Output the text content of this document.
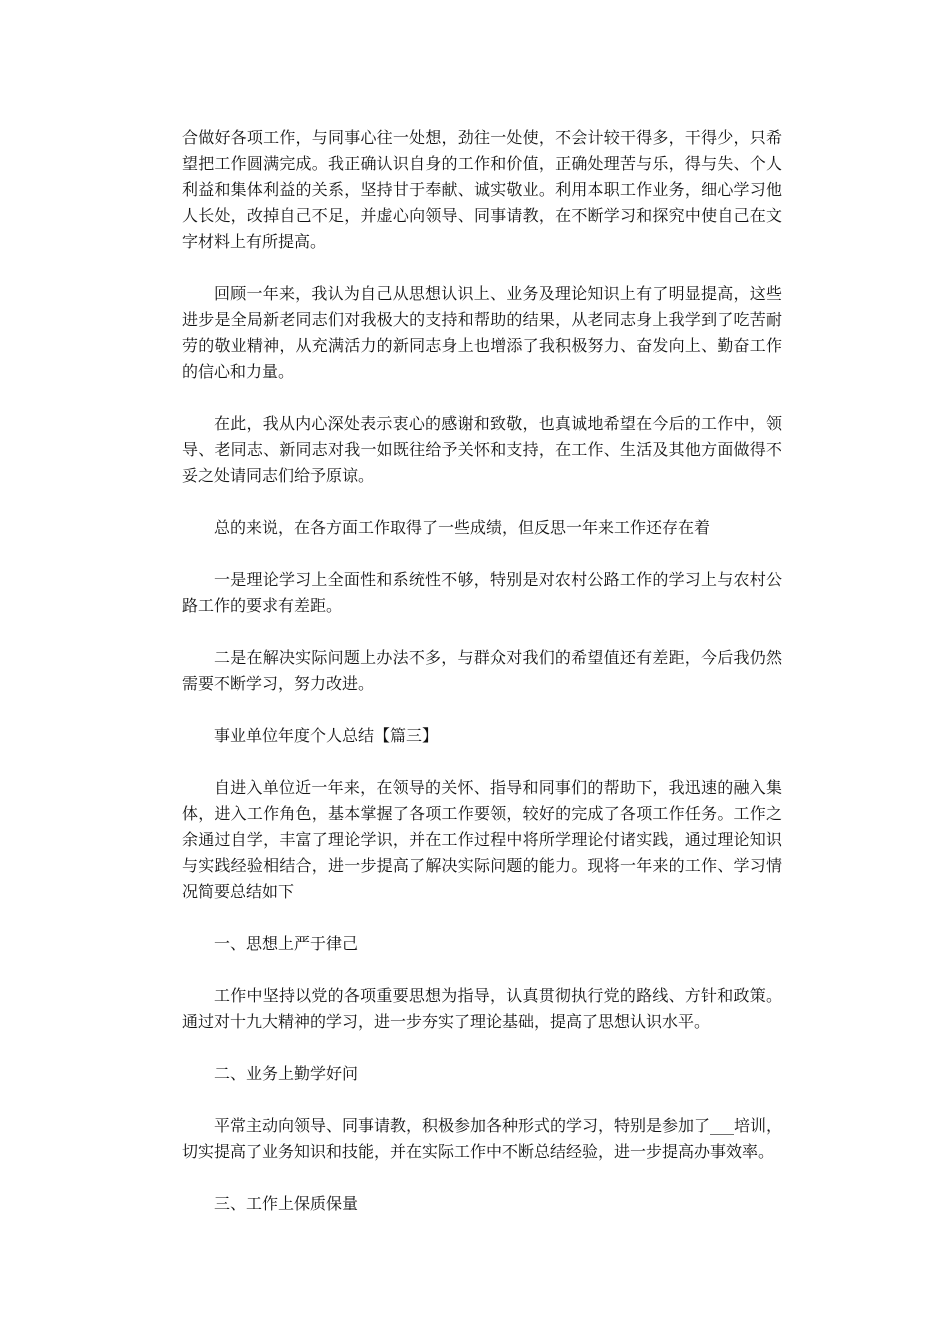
合做好各项工作，与同事心往一处想，劲往一处使，不会计较干得多，干得少，只希望把工作圆满完成。我正确认识自身的工作和价值，正确处理苦与乐，得与失、个人利益和集体利益的关系，坚持甘于奉献、诚实敬业。利用本职工作业务，细心学习他人长处，改掉自己不足，并虚心向领导、同事请教，在不断学习和探究中使自己在文字材料上有所提高。

回顾一年来，我认为自己从思想认识上、业务及理论知识上有了明显提高，这些进步是全局新老同志们对我极大的支持和帮助的结果，从老同志身上我学到了吃苦耐劳的敬业精神，从充满活力的新同志身上也增添了我积极努力、奋发向上、勤奋工作的信心和力量。

在此，我从内心深处表示衷心的感谢和致敬，也真诚地希望在今后的工作中，领导、老同志、新同志对我一如既往给予关怀和支持，在工作、生活及其他方面做得不妥之处请同志们给予原谅。

总的来说，在各方面工作取得了一些成绩，但反思一年来工作还存在着

一是理论学习上全面性和系统性不够，特别是对农村公路工作的学习上与农村公路工作的要求有差距。

二是在解决实际问题上办法不多，与群众对我们的希望值还有差距，今后我仍然需要不断学习，努力改进。

事业单位年度个人总结【篇三】

自进入单位近一年来，在领导的关怀、指导和同事们的帮助下，我迅速的融入集体，进入工作角色，基本掌握了各项工作要领，较好的完成了各项工作任务。工作之余通过自学，丰富了理论学识，并在工作过程中将所学理论付诸实践，通过理论知识与实践经验相结合，进一步提高了解决实际问题的能力。现将一年来的工作、学习情况简要总结如下

一、思想上严于律己

工作中坚持以党的各项重要思想为指导，认真贯彻执行党的路线、方针和政策。通过对十九大精神的学习，进一步夯实了理论基础，提高了思想认识水平。

二、业务上勤学好问

平常主动向领导、同事请教，积极参加各种形式的学习，特别是参加了___培训，切实提高了业务知识和技能，并在实际工作中不断总结经验，进一步提高办事效率。

三、工作上保质保量
